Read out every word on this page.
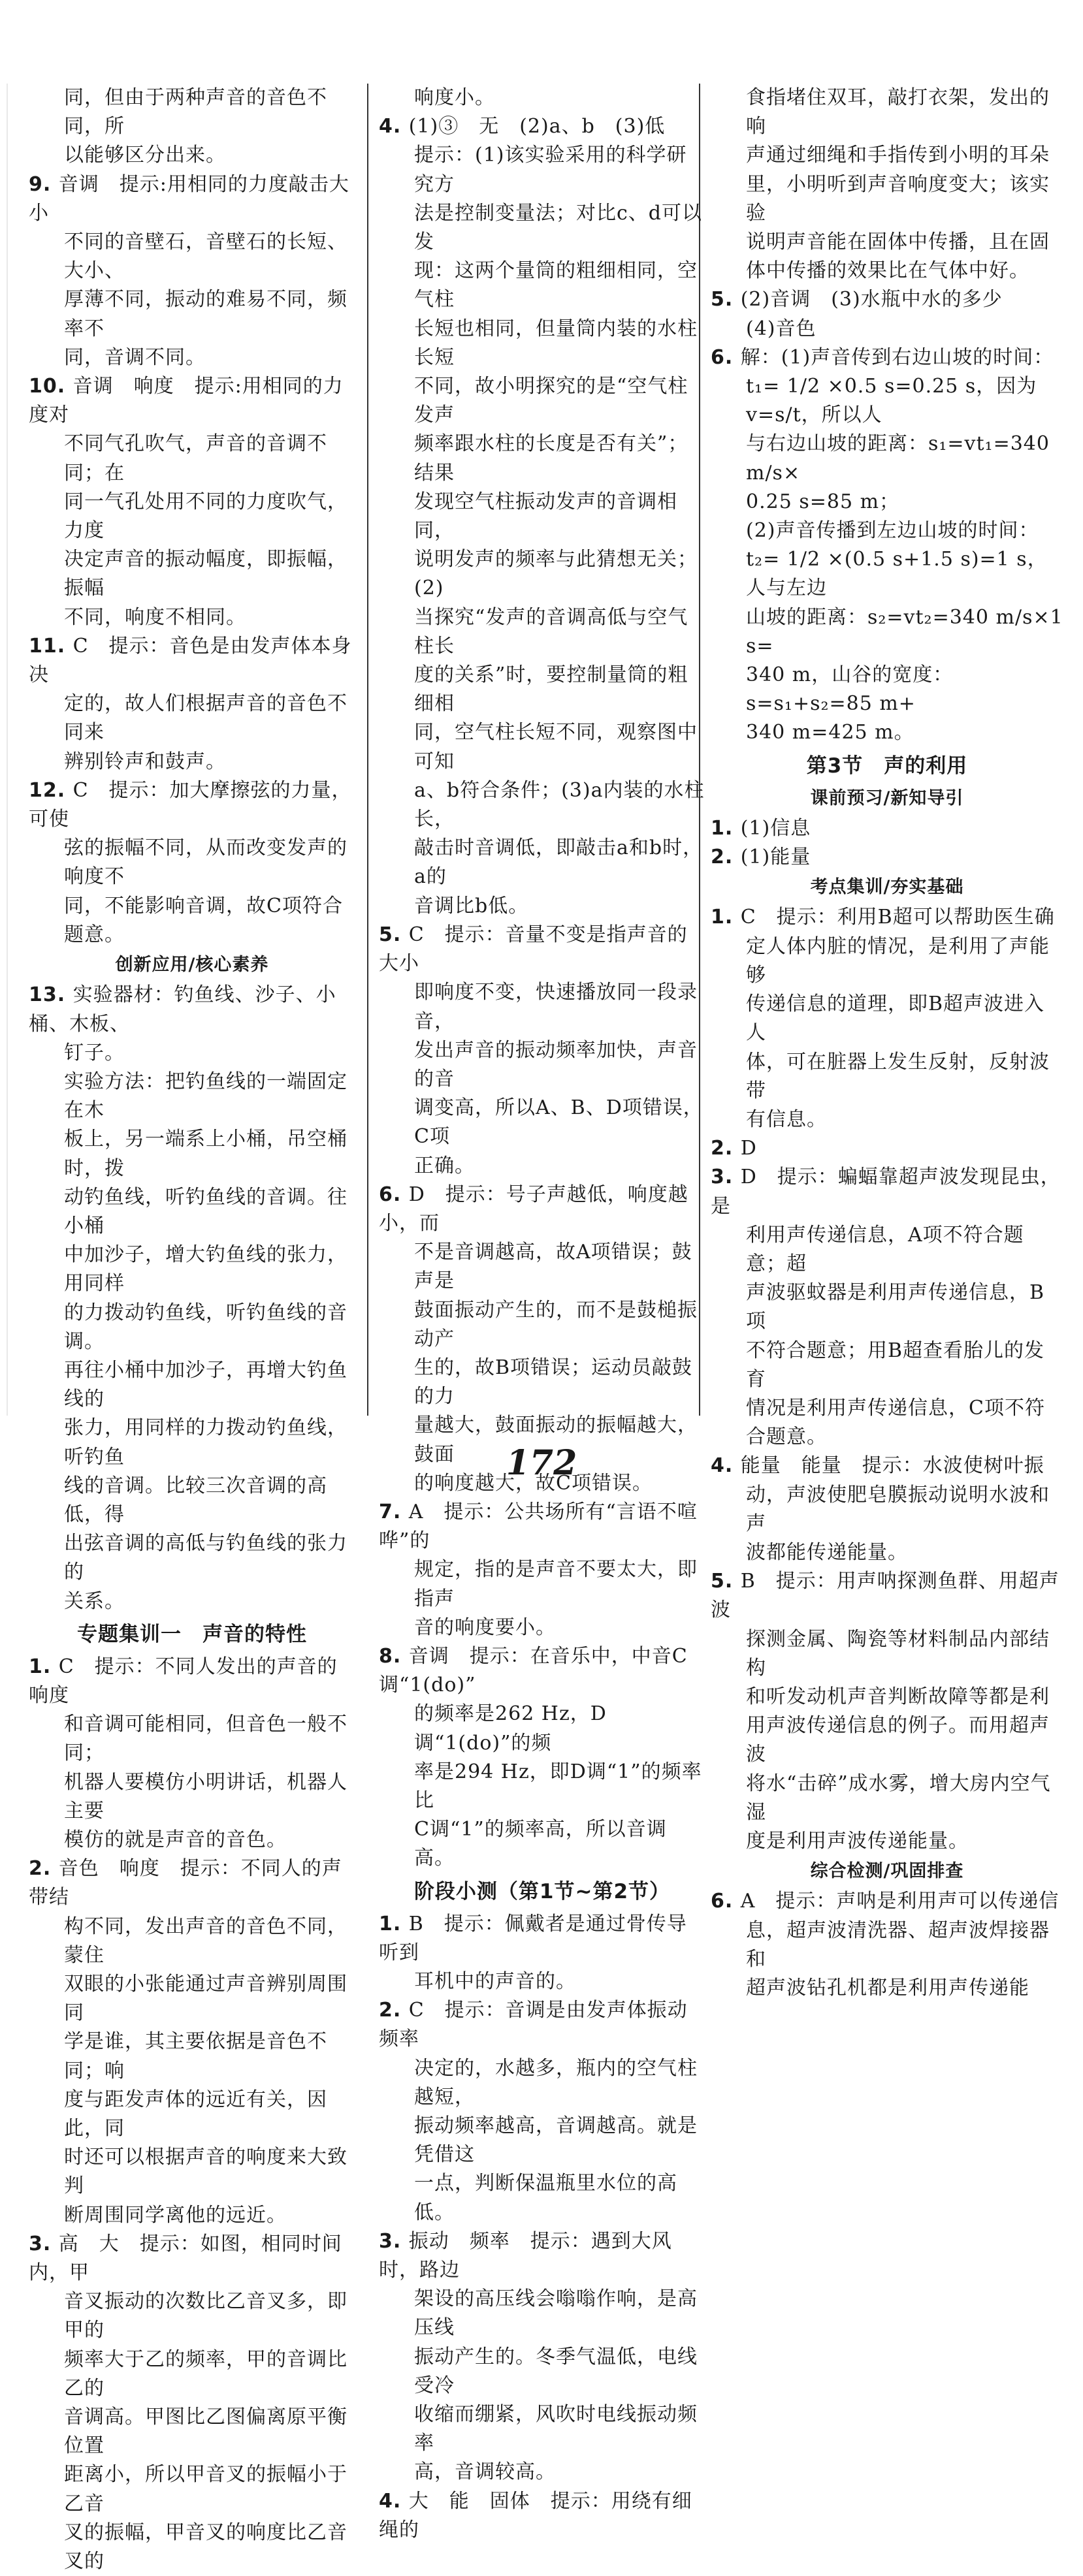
同，但由于两种声音的音色不同，所

以能够区分出来。

9. 音调　提示:用相同的力度敲击大小

不同的音壁石，音壁石的长短、大小、

厚薄不同，振动的难易不同，频率不

同，音调不同。

10. 音调　响度　提示:用相同的力度对

不同气孔吹气，声音的音调不同；在

同一气孔处用不同的力度吹气，力度

决定声音的振动幅度，即振幅，振幅

不同，响度不相同。

11. C　提示：音色是由发声体本身决

定的，故人们根据声音的音色不同来

辨别铃声和鼓声。

12. C　提示：加大摩擦弦的力量，可使

弦的振幅不同，从而改变发声的响度不

同，不能影响音调，故C项符合题意。

创新应用/核心素养

13. 实验器材：钓鱼线、沙子、小桶、木板、

钉子。

实验方法：把钓鱼线的一端固定在木

板上，另一端系上小桶，吊空桶时，拨

动钓鱼线，听钓鱼线的音调。往小桶

中加沙子，增大钓鱼线的张力，用同样

的力拨动钓鱼线，听钓鱼线的音调。

再往小桶中加沙子，再增大钓鱼线的

张力，用同样的力拨动钓鱼线，听钓鱼

线的音调。比较三次音调的高低，得

出弦音调的高低与钓鱼线的张力的

关系。

专题集训一　声音的特性

1. C　提示：不同人发出的声音的响度

和音调可能相同，但音色一般不同；

机器人要模仿小明讲话，机器人主要

模仿的就是声音的音色。

2. 音色　响度　提示：不同人的声带结

构不同，发出声音的音色不同，蒙住

双眼的小张能通过声音辨别周围同

学是谁，其主要依据是音色不同；响

度与距发声体的远近有关，因此，同

时还可以根据声音的响度来大致判

断周围同学离他的远近。

3. 高　大　提示：如图，相同时间内，甲

音叉振动的次数比乙音叉多，即甲的

频率大于乙的频率，甲的音调比乙的

音调高。甲图比乙图偏离原平衡位置

距离小，所以甲音叉的振幅小于乙音

叉的振幅，甲音叉的响度比乙音叉的

响度小。

4. (1)③　无　(2)a、b　(3)低

提示：(1)该实验采用的科学研究方

法是控制变量法；对比c、d可以发

现：这两个量筒的粗细相同，空气柱

长短也相同，但量筒内装的水柱长短

不同，故小明探究的是“空气柱发声

频率跟水柱的长度是否有关”；结果

发现空气柱振动发声的音调相同，

说明发声的频率与此猜想无关；(2)

当探究“发声的音调高低与空气柱长

度的关系”时，要控制量筒的粗细相

同，空气柱长短不同，观察图中可知

a、b符合条件；(3)a内装的水柱长，

敲击时音调低，即敲击a和b时，a的

音调比b低。

5. C　提示：音量不变是指声音的大小

即响度不变，快速播放同一段录音，

发出声音的振动频率加快，声音的音

调变高，所以A、B、D项错误，C项

正确。

6. D　提示：号子声越低，响度越小，而

不是音调越高，故A项错误；鼓声是

鼓面振动产生的，而不是鼓槌振动产

生的，故B项错误；运动员敲鼓的力

量越大，鼓面振动的振幅越大，鼓面

的响度越大，故C项错误。

7. A　提示：公共场所有“言语不喧哗”的

规定，指的是声音不要太大，即指声

音的响度要小。

8. 音调　提示：在音乐中，中音C调“1(do)”

的频率是262 Hz，D调“1(do)”的频

率是294 Hz，即D调“1”的频率比

C调“1”的频率高，所以音调高。

阶段小测（第1节~第2节）

1. B　提示：佩戴者是通过骨传导听到

耳机中的声音的。

2. C　提示：音调是由发声体振动频率

决定的，水越多，瓶内的空气柱越短，

振动频率越高，音调越高。就是凭借这

一点，判断保温瓶里水位的高低。

3. 振动　频率　提示：遇到大风时，路边

架设的高压线会嗡嗡作响，是高压线

振动产生的。冬季气温低，电线受冷

收缩而绷紧，风吹时电线振动频率

高，音调较高。

4. 大　能　固体　提示：用绕有细绳的

食指堵住双耳，敲打衣架，发出的响

声通过细绳和手指传到小明的耳朵

里，小明听到声音响度变大；该实验

说明声音能在固体中传播，且在固

体中传播的效果比在气体中好。

5. (2)音调　(3)水瓶中水的多少

(4)音色

6. 解：(1)声音传到右边山坡的时间：

t₁= 1/2 ×0.5 s=0.25 s，因为v=s/t，所以人

与右边山坡的距离：s₁=vt₁=340 m/s×

0.25 s=85 m；

(2)声音传播到左边山坡的时间：

t₂= 1/2 ×(0.5 s+1.5 s)=1 s，人与左边

山坡的距离：s₂=vt₂=340 m/s×1 s=

340 m，山谷的宽度：s=s₁+s₂=85 m+

340 m=425 m。

第3节　声的利用
课前预习/新知导引

1. (1)信息

2. (1)能量

考点集训/夯实基础

1. C　提示：利用B超可以帮助医生确

定人体内脏的情况，是利用了声能够

传递信息的道理，即B超声波进入人

体，可在脏器上发生反射，反射波带

有信息。

2. D

3. D　提示：蝙蝠靠超声波发现昆虫，是

利用声传递信息，A项不符合题意；超

声波驱蚊器是利用声传递信息，B项

不符合题意；用B超查看胎儿的发育

情况是利用声传递信息，C项不符

合题意。

4. 能量　能量　提示：水波使树叶振

动，声波使肥皂膜振动说明水波和声

波都能传递能量。

5. B　提示：用声呐探测鱼群、用超声波

探测金属、陶瓷等材料制品内部结构

和听发动机声音判断故障等都是利

用声波传递信息的例子。而用超声波

将水“击碎”成水雾，增大房内空气湿

度是利用声波传递能量。

综合检测/巩固排查

6. A　提示：声呐是利用声可以传递信

息，超声波清洗器、超声波焊接器和

超声波钻孔机都是利用声传递能

172
